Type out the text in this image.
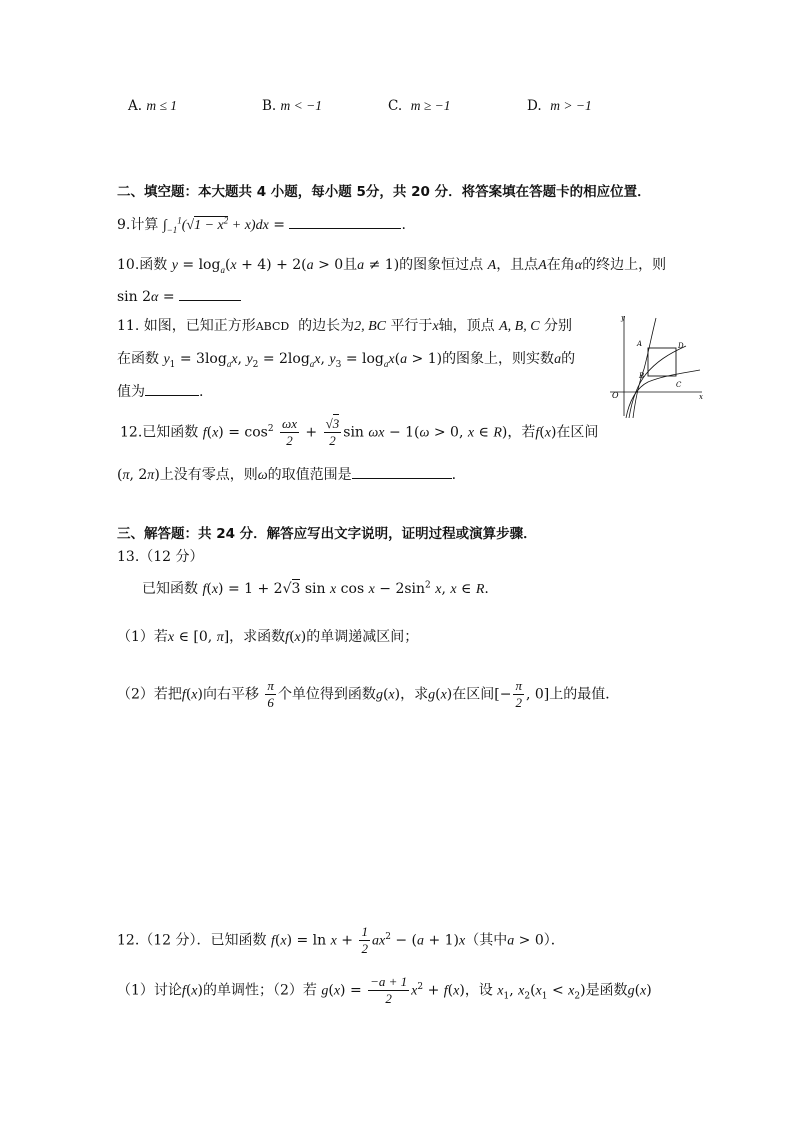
A. m ≤ 1	B. m < −1	C. m ≥ −1	D. m > −1
二、填空题：本大题共 4 小题，每小题 5分，共 20 分．将答案填在答题卡的相应位置．
9.计算 $\int_{-1}^1(√1 - x^2 + x)dx$ =	.
10.函数 $y = \log_a(x + 4) + 2(a > 0$且a ≠ 1)的图象恒过点 A，且点A在角α的终边上，则
sin 2α =
11. 如图，已知正方形ABCD 的边长为2, BC 平行于x轴，顶点 A, B, C 分别
在函数 $y_1 = 3\log_ax$, $y_2 = 2\log_ax$, $y_3 = \log_ax(a > 1)$的图象上，则实数a的
值为	.
y
x
O
A	D
B
C
12.已知函数 $f(x) = \cos^2 \frac{\omega x}{2} + \frac{√3}{2}$ sin ωx − 1(ω > 0, x ∈ R)，若f(x)在区间
(π, 2π)上没有零点，则ω的取值范围是	.
三、解答题：共 24 分．解答应写出文字说明，证明过程或演算步骤．
13.（12 分）
已知函数 f(x) = 1 + 2√3 sin x $\cos x - 2\sin^2$ x, x ∈ R.
（1）若x ∈ [0, π]，求函数f(x)的单调递减区间；
（2）若把f(x)向右平移 $\frac{\pi}{6}$ 个单位得到函数g(x)，求g(x)在区间[− $\frac{\pi}{2}$ , 0]上的最值．
12.（12 分）．已知函数 $f(x) = \ln x + \frac{1}{2} ax^2 - (a + 1)x$（其中a > 0）．
（1）讨论f(x)的单调性；（2）若 $g(x) = \frac{-a + 1}{2} x^2 + f(x)$，设 $x_1$, $x_2(x_1 < x_2)$是函数g(x)
